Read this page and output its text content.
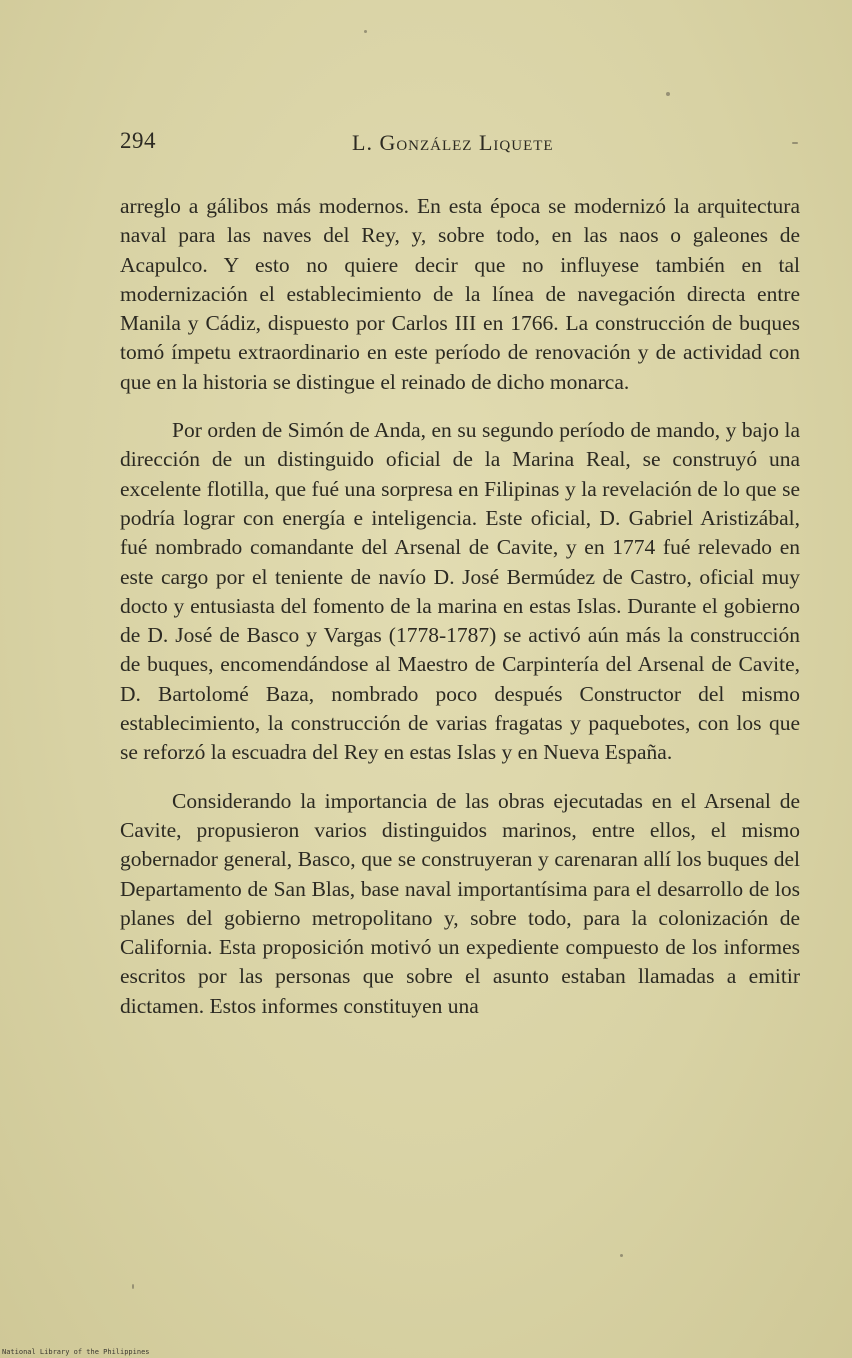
294	L. González Liquete

arreglo a gálibos más modernos. En esta época se modernizó la arquitectura naval para las naves del Rey, y, sobre todo, en las naos o galeones de Acapulco. Y esto no quiere decir que no influyese también en tal modernización el establecimiento de la línea de navegación directa entre Manila y Cádiz, dispuesto por Carlos III en 1766. La construcción de buques tomó ímpetu extraordinario en este período de renovación y de actividad con que en la historia se distingue el reinado de dicho monarca.

Por orden de Simón de Anda, en su segundo período de mando, y bajo la dirección de un distinguido oficial de la Marina Real, se construyó una excelente flotilla, que fué una sorpresa en Filipinas y la revelación de lo que se podría lograr con energía e inteligencia. Este oficial, D. Gabriel Aristizábal, fué nombrado comandante del Arsenal de Cavite, y en 1774 fué relevado en este cargo por el teniente de navío D. José Bermúdez de Castro, oficial muy docto y entusiasta del fomento de la marina en estas Islas. Durante el gobierno de D. José de Basco y Vargas (1778-1787) se activó aún más la construcción de buques, encomendándose al Maestro de Carpintería del Arsenal de Cavite, D. Bartolomé Baza, nombrado poco después Constructor del mismo establecimiento, la construcción de varias fragatas y paquebotes, con los que se reforzó la escuadra del Rey en estas Islas y en Nueva España.

Considerando la importancia de las obras ejecutadas en el Arsenal de Cavite, propusieron varios distinguidos marinos, entre ellos, el mismo gobernador general, Basco, que se construyeran y carenaran allí los buques del Departamento de San Blas, base naval importantísima para el desarrollo de los planes del gobierno metropolitano y, sobre todo, para la colonización de California. Esta proposición motivó un expediente compuesto de los informes escritos por las personas que sobre el asunto estaban llamadas a emitir dictamen. Estos informes constituyen una

National Library of the Philippines
